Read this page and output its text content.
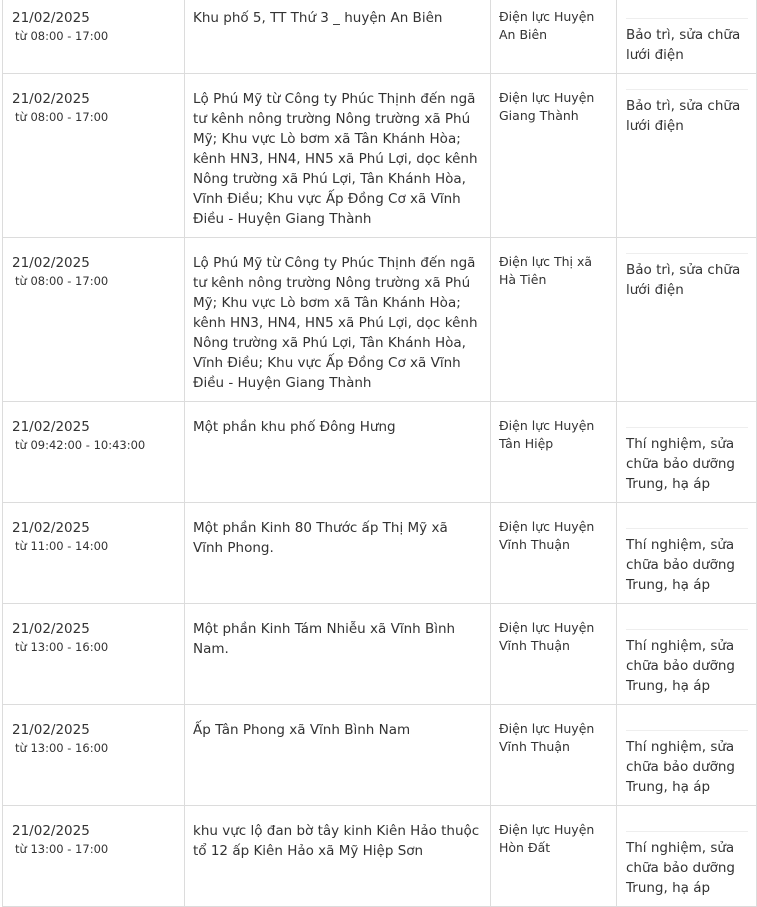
21/02/2025
từ 08:00 - 17:00	Khu phố 5, TT Thứ 3 _ huyện An Biên	Điện lực Huyện An Biên	Bảo trì, sửa chữa lưới điện

21/02/2025
từ 08:00 - 17:00	Lộ Phú Mỹ từ Công ty Phúc Thịnh đến ngã tư kênh nông trường Nông trường xã Phú Mỹ; Khu vực Lò bơm xã Tân Khánh Hòa; kênh HN3, HN4, HN5 xã Phú Lợi, dọc kênh Nông trường xã Phú Lợi, Tân Khánh Hòa, Vĩnh Điều; Khu vực Ấp Đồng Cơ xã Vĩnh Điều - Huyện Giang Thành	Điện lực Huyện Giang Thành	Bảo trì, sửa chữa lưới điện

21/02/2025
từ 08:00 - 17:00	Lộ Phú Mỹ từ Công ty Phúc Thịnh đến ngã tư kênh nông trường Nông trường xã Phú Mỹ; Khu vực Lò bơm xã Tân Khánh Hòa; kênh HN3, HN4, HN5 xã Phú Lợi, dọc kênh Nông trường xã Phú Lợi, Tân Khánh Hòa, Vĩnh Điều; Khu vực Ấp Đồng Cơ xã Vĩnh Điều - Huyện Giang Thành	Điện lực Thị xã Hà Tiên	Bảo trì, sửa chữa lưới điện

21/02/2025
từ 09:42:00 - 10:43:00	Một phần khu phố Đông Hưng	Điện lực Huyện Tân Hiệp	Thí nghiệm, sửa chữa bảo dưỡng Trung, hạ áp

21/02/2025
từ 11:00 - 14:00	Một phần Kinh 80 Thước ấp Thị Mỹ xã Vĩnh Phong.	Điện lực Huyện Vĩnh Thuận	Thí nghiệm, sửa chữa bảo dưỡng Trung, hạ áp

21/02/2025
từ 13:00 - 16:00	Một phần Kinh Tám Nhiễu xã Vĩnh Bình Nam.	Điện lực Huyện Vĩnh Thuận	Thí nghiệm, sửa chữa bảo dưỡng Trung, hạ áp

21/02/2025
từ 13:00 - 16:00	Ấp Tân Phong xã Vĩnh Bình Nam	Điện lực Huyện Vĩnh Thuận	Thí nghiệm, sửa chữa bảo dưỡng Trung, hạ áp

21/02/2025
từ 13:00 - 17:00	khu vực lộ đan bờ tây kinh Kiên Hảo thuộc tổ 12 ấp Kiên Hảo xã Mỹ Hiệp Sơn	Điện lực Huyện Hòn Đất	Thí nghiệm, sửa chữa bảo dưỡng Trung, hạ áp
